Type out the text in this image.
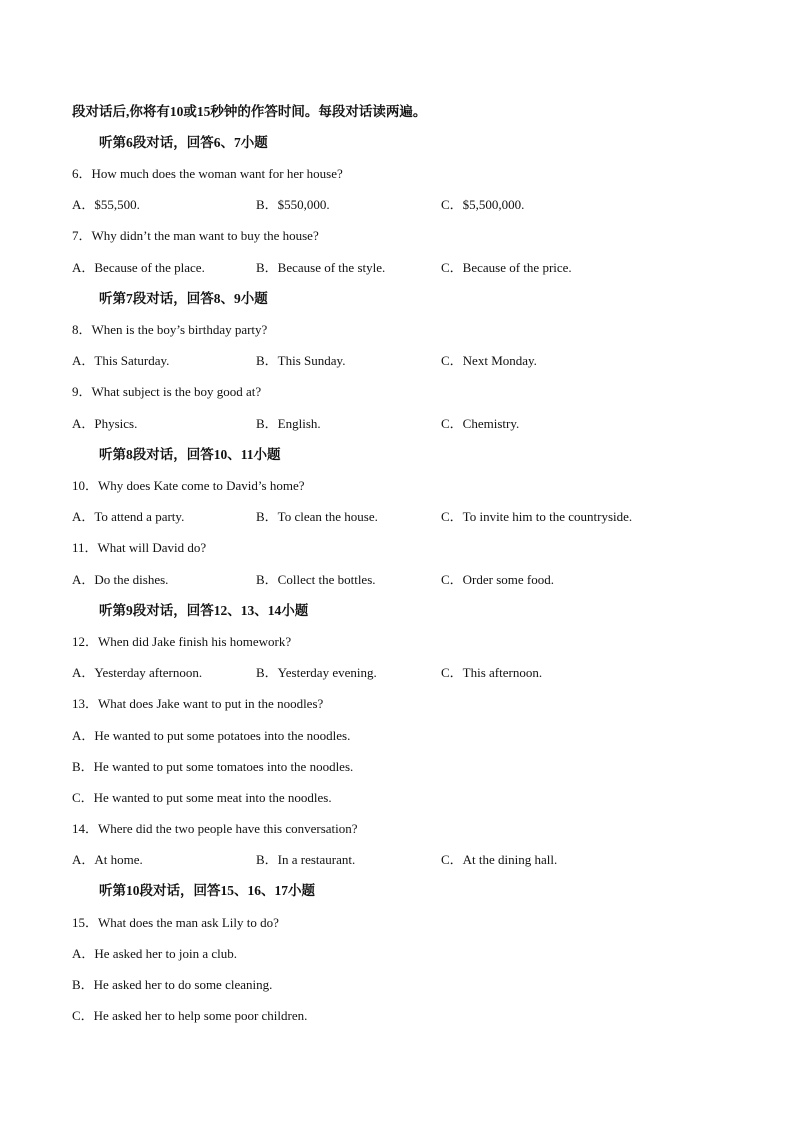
段对话后,你将有10或15秒钟的作答时间。每段对话读两遍。
听第6段对话，回答6、7小题
6．How much does the woman want for her house?
A．$55,500.	B．$550,000.	C．$5,500,000.
7．Why didn’t the man want to buy the house?
A．Because of the place.	B．Because of the style.	C．Because of the price.
听第7段对话，回答8、9小题
8．When is the boy’s birthday party?
A．This Saturday.	B．This Sunday.	C．Next Monday.
9．What subject is the boy good at?
A．Physics.	B．English.	C．Chemistry.
听第8段对话，回答10、11小题
10．Why does Kate come to David’s home?
A．To attend a party.	B．To clean the house.	C．To invite him to the countryside.
11．What will David do?
A．Do the dishes.	B．Collect the bottles.	C．Order some food.
听第9段对话，回答12、13、14小题
12．When did Jake finish his homework?
A．Yesterday afternoon.	B．Yesterday evening.	C．This afternoon.
13．What does Jake want to put in the noodles?
A．He wanted to put some potatoes into the noodles.
B．He wanted to put some tomatoes into the noodles.
C．He wanted to put some meat into the noodles.
14．Where did the two people have this conversation?
A．At home.	B．In a restaurant.	C．At the dining hall.
听第10段对话，回答15、16、17小题
15．What does the man ask Lily to do?
A．He asked her to join a club.
B．He asked her to do some cleaning.
C．He asked her to help some poor children.
